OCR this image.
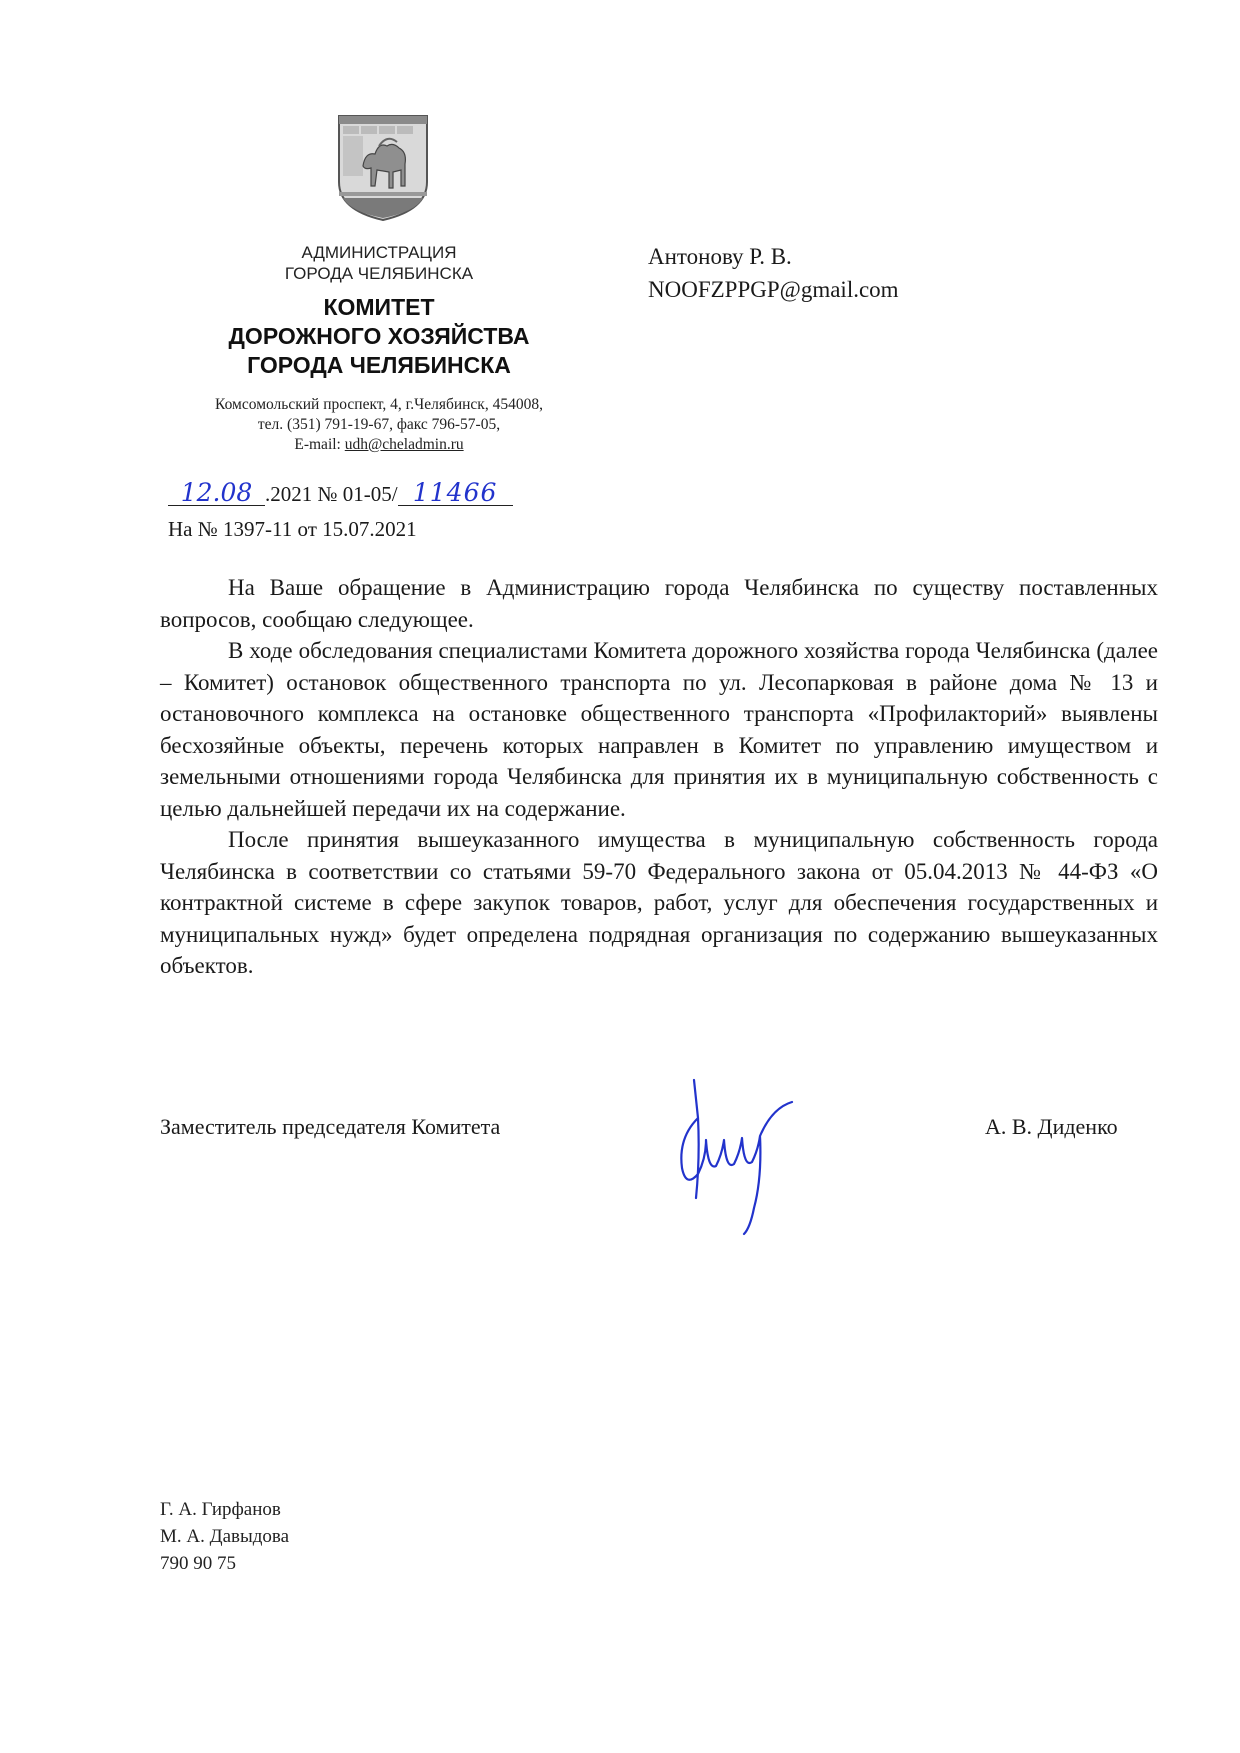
АДМИНИСТРАЦИЯ
ГОРОДА ЧЕЛЯБИНСКА
КОМИТЕТ
ДОРОЖНОГО ХОЗЯЙСТВА
ГОРОДА ЧЕЛЯБИНСКА
Комсомольский проспект, 4, г.Челябинск, 454008,
тел. (351) 791-19-67, факс 796-57-05,
E-mail: udh@cheladmin.ru
Антонову Р. В.
NOOFZPPGP@gmail.com
12.08 .2021 № 01-05/ 11466
На № 1397-11 от 15.07.2021

На Ваше обращение в Администрацию города Челябинска по существу поставленных вопросов, сообщаю следующее.

В ходе обследования специалистами Комитета дорожного хозяйства города Челябинска (далее – Комитет) остановок общественного транспорта по ул. Лесопарковая в районе дома № 13 и остановочного комплекса на остановке общественного транспорта «Профилакторий» выявлены бесхозяйные объекты, перечень которых направлен в Комитет по управлению имуществом и земельными отношениями города Челябинска для принятия их в муниципальную собственность с целью дальнейшей передачи их на содержание.

После принятия вышеуказанного имущества в муниципальную собственность города Челябинска в соответствии со статьями 59-70 Федерального закона от 05.04.2013 № 44-ФЗ «О контрактной системе в сфере закупок товаров, работ, услуг для обеспечения государственных и муниципальных нужд» будет определена подрядная организация по содержанию вышеуказанных объектов.

Заместитель председателя Комитета	А. В. Диденко
Г. А. Гирфанов
М. А. Давыдова
790 90 75
